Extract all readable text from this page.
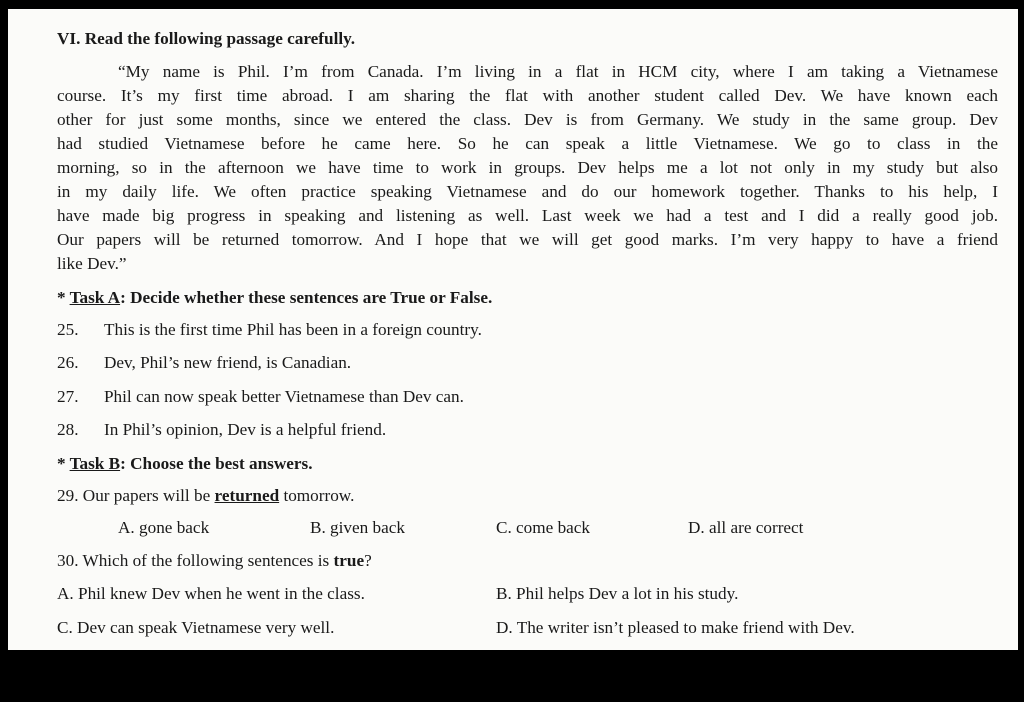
VI. Read the following passage carefully.
“My name is Phil. I’m from Canada. I’m living in a flat in HCM city, where I am taking a Vietnamese
course. It’s my first time abroad. I am sharing the flat with another student called Dev. We have known each
other for just some months, since we entered the class. Dev is from Germany. We study in the same group. Dev
had studied Vietnamese before he came here. So he can speak a little Vietnamese. We go to class in the
morning, so in the afternoon we have time to work in groups. Dev helps me a lot not only in my study but also
in my daily life. We often practice speaking Vietnamese and do our homework together. Thanks to his help, I
have made big progress in speaking and listening as well. Last week we had a test and I did a really good job.
Our papers will be returned tomorrow. And I hope that we will get good marks. I’m very happy to have a friend
like Dev.”
* Task A: Decide whether these sentences are True or False.
25. This is the first time Phil has been in a foreign country.
26. Dev, Phil’s new friend, is Canadian.
27. Phil can now speak better Vietnamese than Dev can.
28. In Phil’s opinion, Dev is a helpful friend.
* Task B: Choose the best answers.
29. Our papers will be returned tomorrow.
A. gone back	B. given back	C. come back	D. all are correct
30. Which of the following sentences is true?
A. Phil knew Dev when he went in the class.	B. Phil helps Dev a lot in his study.
C. Dev can speak Vietnamese very well.	D. The writer isn’t pleased to make friend with Dev.
